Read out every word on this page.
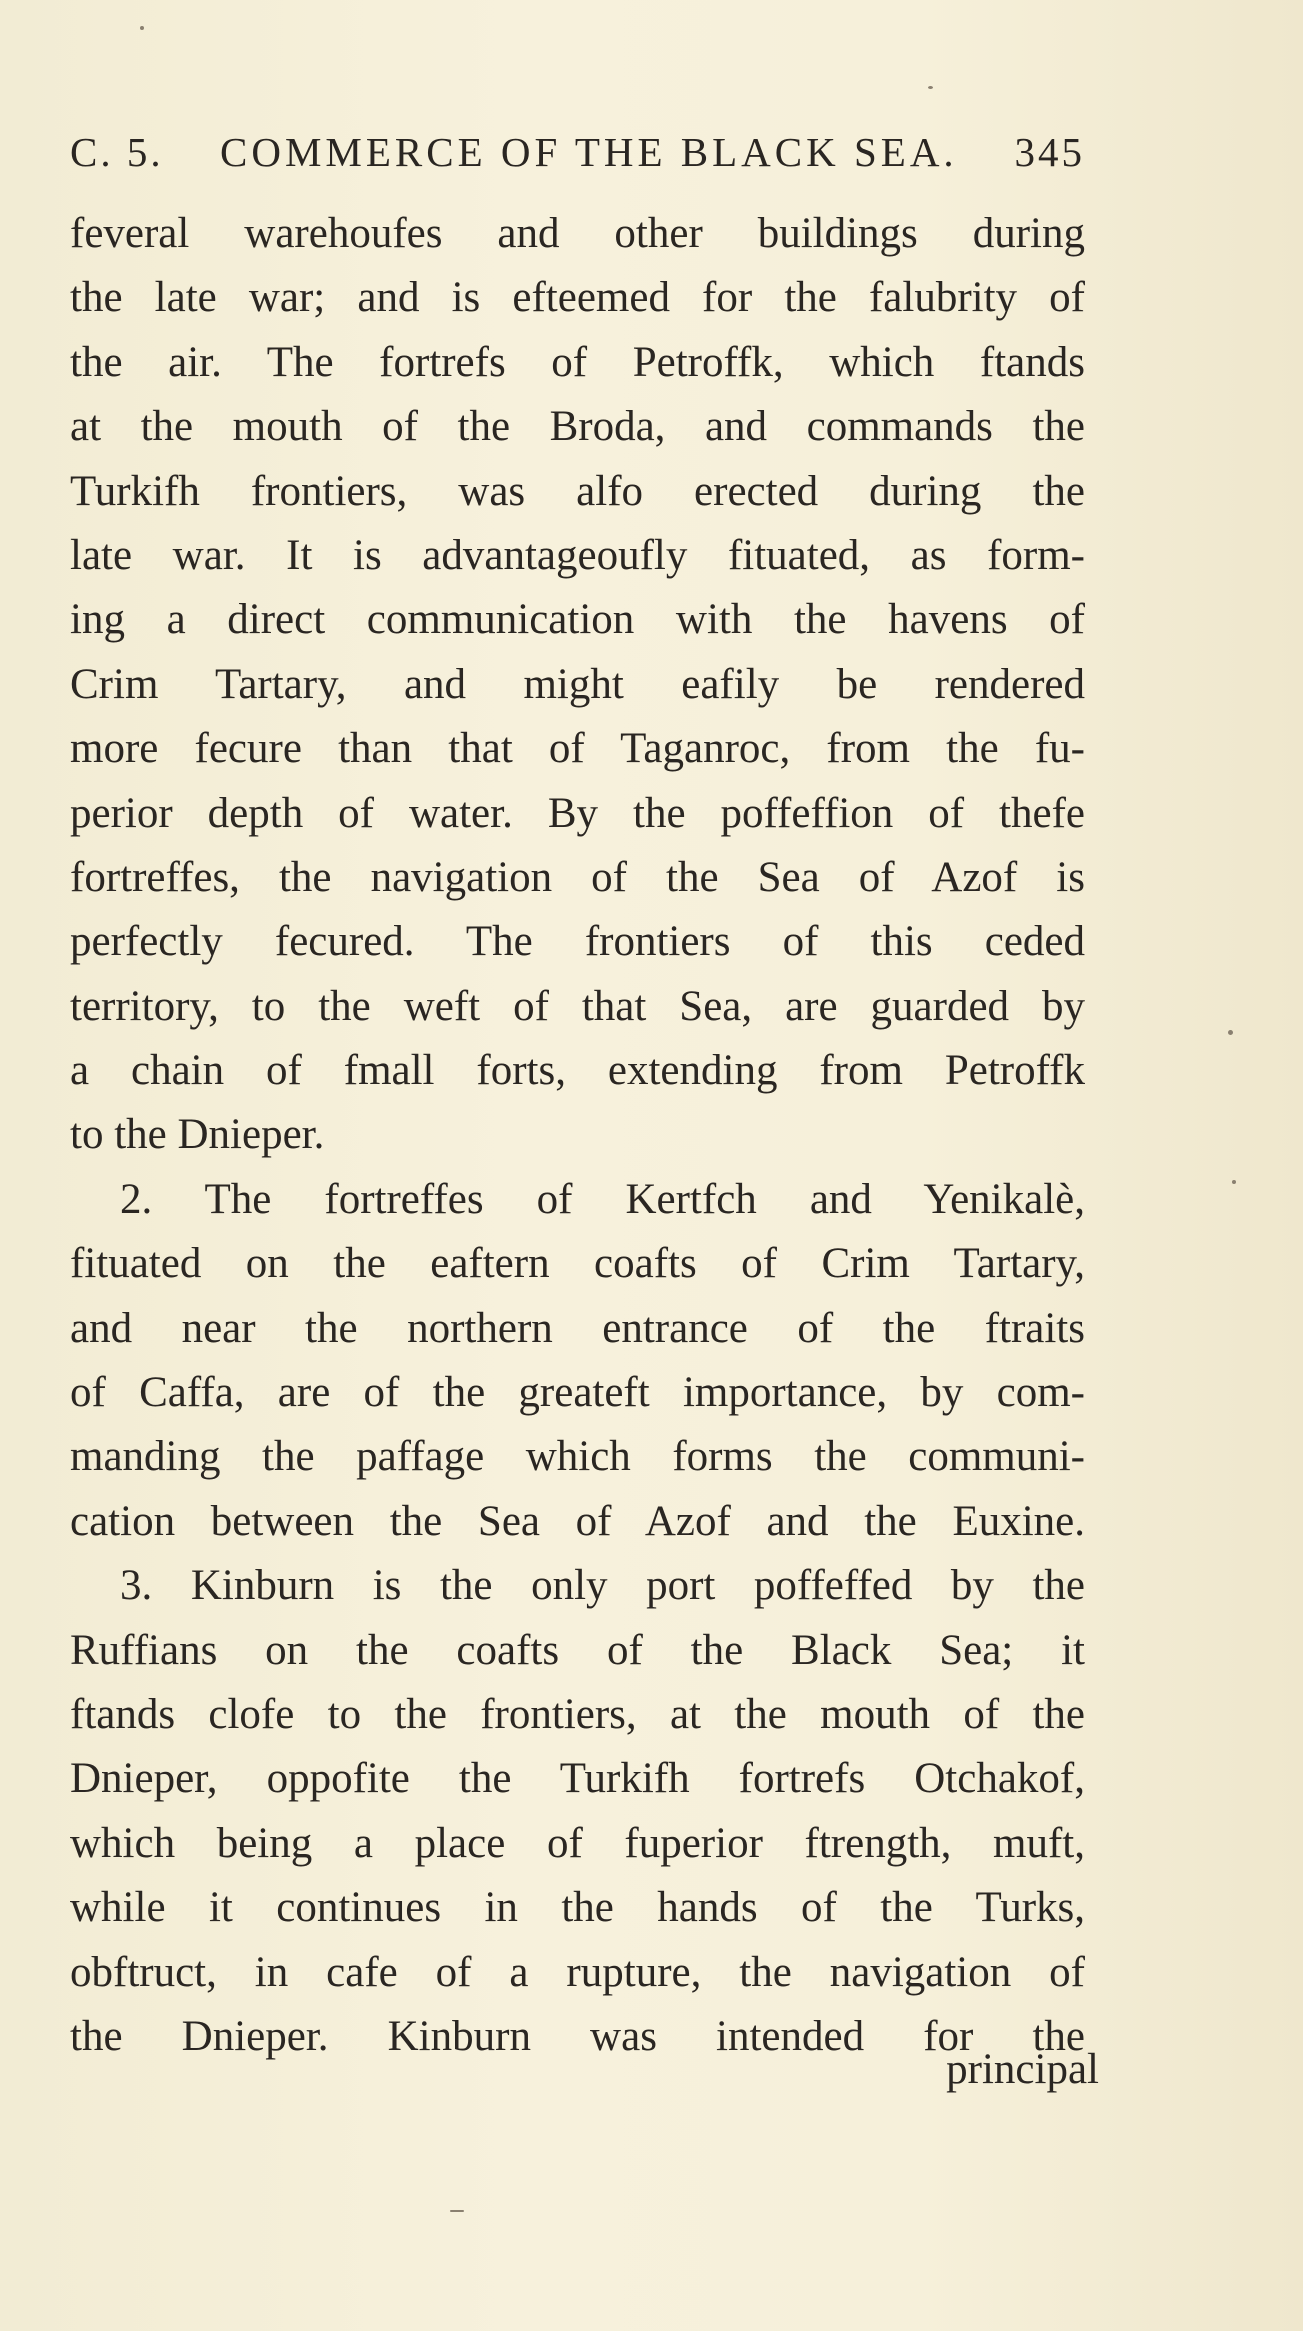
C. 5. COMMERCE OF THE BLACK SEA. 345
feveral warehoufes and other buildings during
the late war; and is efteemed for the falubrity of
the air. The fortrefs of Petroffk, which ftands
at the mouth of the Broda, and commands the
Turkifh frontiers, was alfo erected during the
late war. It is advantageoufly fituated, as form-
ing a direct communication with the havens of
Crim Tartary, and might eafily be rendered
more fecure than that of Taganroc, from the fu-
perior depth of water. By the poffeffion of thefe
fortreffes, the navigation of the Sea of Azof is
perfectly fecured. The frontiers of this ceded
territory, to the weft of that Sea, are guarded by
a chain of fmall forts, extending from Petroffk
to the Dnieper.
2. The fortreffes of Kertfch and Yenikalè,
fituated on the eaftern coafts of Crim Tartary,
and near the northern entrance of the ftraits
of Caffa, are of the greateft importance, by com-
manding the paffage which forms the communi-
cation between the Sea of Azof and the Euxine.
3. Kinburn is the only port poffeffed by the
Ruffians on the coafts of the Black Sea; it
ftands clofe to the frontiers, at the mouth of the
Dnieper, oppofite the Turkifh fortrefs Otchakof,
which being a place of fuperior ftrength, muft,
while it continues in the hands of the Turks,
obftruct, in cafe of a rupture, the navigation of
the Dnieper. Kinburn was intended for the
principal
